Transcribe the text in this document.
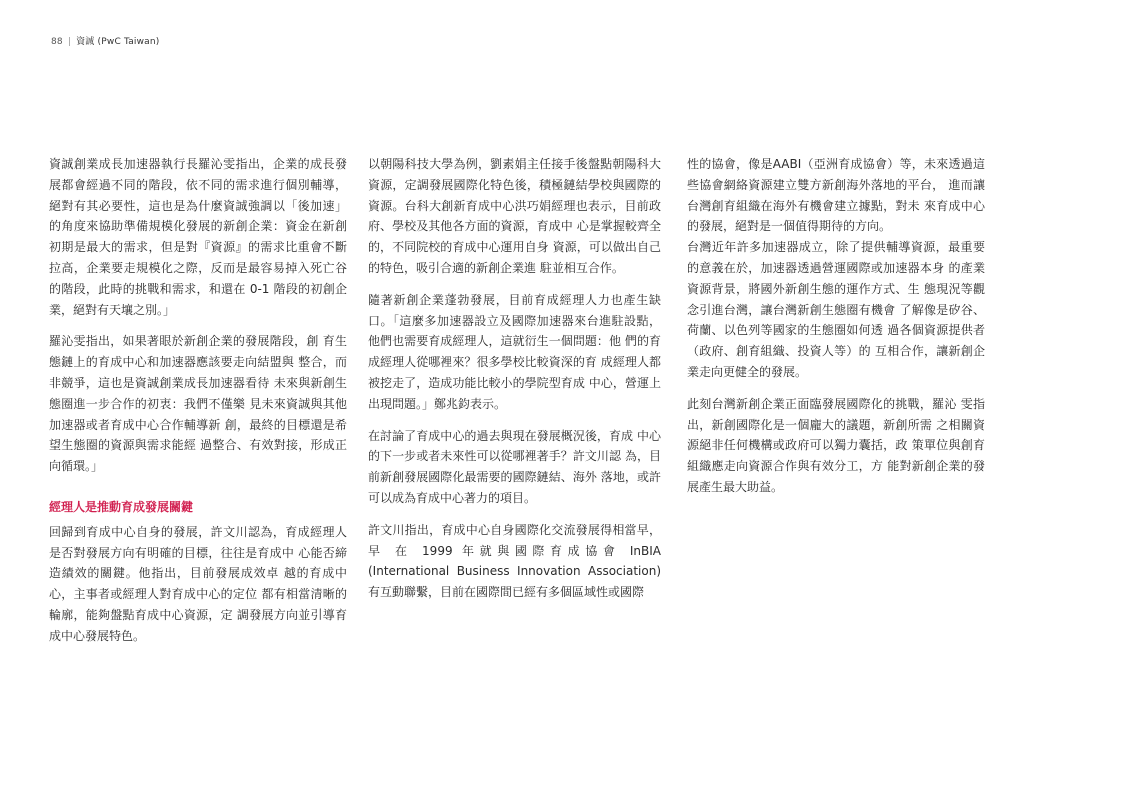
88 | 資誠 (PwC Taiwan)

資誠創業成長加速器執行長羅沁雯指出，企業的成長發展都會經過不同的階段，依不同的需求進行個別輔導，絕對有其必要性，這也是為什麼資誠強調以「後加速」的角度來協助準備規模化發展的新創企業：資金在新創初期是最大的需求，但是對『資源』的需求比重會不斷拉高，企業要走規模化之際，反而是最容易掉入死亡谷的階段，此時的挑戰和需求，和還在 0-1 階段的初創企業，絕對有天壤之別。」

羅沁雯指出，如果著眼於新創企業的發展階段，創 育生態鏈上的育成中心和加速器應該要走向結盟與 整合，而非競爭，這也是資誠創業成長加速器看待 未來與新創生態圈進一步合作的初衷：我們不僅樂 見未來資誠與其他加速器或者育成中心合作輔導新 創，最終的目標還是希望生態圈的資源與需求能經 過整合、有效對接，形成正向循環。」

經理人是推動育成發展關鍵

回歸到育成中心自身的發展，許文川認為，育成經理人是否對發展方向有明確的目標，往往是育成中 心能否締造績效的關鍵。他指出，目前發展成效卓 越的育成中心，主事者或經理人對育成中心的定位 都有相當清晰的輪廓，能夠盤點育成中心資源，定 調發展方向並引導育成中心發展特色。

以朝陽科技大學為例，劉素娟主任接手後盤點朝陽科大資源，定調發展國際化特色後，積極鏈結學校與國際的資源。台科大創新育成中心洪巧娟經理也表示，目前政府、學校及其他各方面的資源，育成中 心是掌握較齊全的，不同院校的育成中心運用自身 資源，可以做出自己的特色，吸引合適的新創企業進 駐並相互合作。

隨著新創企業蓬勃發展，目前育成經理人力也產生缺口。「這麼多加速器設立及國際加速器來台進駐設點，他們也需要育成經理人，這就衍生一個問題：他 們的育成經理人從哪裡來？很多學校比較資深的育 成經理人都被挖走了，造成功能比較小的學院型育成 中心，營運上出現問題。」鄭兆鈞表示。

在討論了育成中心的過去與現在發展概況後，育成 中心的下一步或者未來性可以從哪裡著手？許文川認 為，目前新創發展國際化最需要的國際鏈結、海外 落地，或許可以成為育成中心著力的項目。

許文川指出，育成中心自身國際化交流發展得相當早， 早 在 1999 年就與國際育成協會 InBIA (International Business Innovation Association) 有互動聯繫，目前在國際間已經有多個區域性或國際

性的協會，像是AABI（亞洲育成協會）等，未來透過這些協會網絡資源建立雙方新創海外落地的平台， 進而讓台灣創育組織在海外有機會建立據點，對未 來育成中心的發展，絕對是一個值得期待的方向。

台灣近年許多加速器成立，除了提供輔導資源，最重要的意義在於，加速器透過營運國際或加速器本身 的產業資源背景，將國外新創生態的運作方式、生 態現況等觀念引進台灣，讓台灣新創生態圈有機會 了解像是矽谷、荷蘭、以色列等國家的生態圈如何透 過各個資源提供者（政府、創育組織、投資人等）的 互相合作，讓新創企業走向更健全的發展。

此刻台灣新創企業正面臨發展國際化的挑戰，羅沁 雯指出，新創國際化是一個龐大的議題，新創所需 之相關資源絕非任何機構或政府可以獨力囊括，政 策單位與創育組織應走向資源合作與有效分工，方 能對新創企業的發展產生最大助益。
